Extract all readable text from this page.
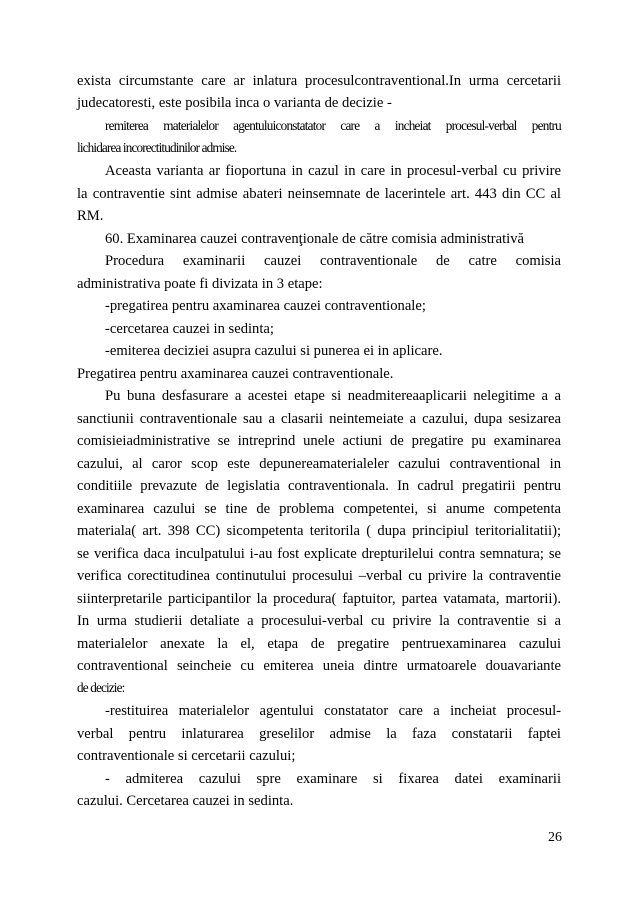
exista circumstante care ar inlatura procesulcontraventional.In urma cercetarii
judecatoresti, este posibila inca o varianta de decizie -
remiterea materialelor agentuluiconstatator care a incheiat procesul-verbal pentru
lichidarea incorectitudinilor admise.
Aceasta varianta ar fioportuna in cazul in care in procesul-verbal cu privire
la contraventie sint admise abateri neinsemnate de lacerintele art. 443 din CC al
RM.
60. Examinarea cauzei contravenţionale de către comisia administrativă
Procedura examinarii cauzei contraventionale de catre comisia
administrativa poate fi divizata in 3 etape:
-pregatirea pentru axaminarea cauzei contraventionale;
-cercetarea cauzei in sedinta;
-emiterea deciziei asupra cazului si punerea ei in aplicare.
Pregatirea pentru axaminarea cauzei contraventionale.
Pu buna desfasurare a acestei etape si neadmitereaaplicarii nelegitime a a
sanctiunii contraventionale sau a clasarii neintemeiate a cazului, dupa sesizarea
comisieiadministrative se intreprind unele actiuni de pregatire pu examinarea
cazului, al caror scop este depunereamaterialeler cazului contraventional in
conditiile prevazute de legislatia contraventionala. In cadrul pregatirii pentru
examinarea cazului se tine de problema competentei, si anume competenta
materiala( art. 398 CC) sicompetenta teritorila ( dupa principiul teritorialitatii);
se verifica daca inculpatului i-au fost explicate drepturilelui contra semnatura; se
verifica corectitudinea continutului procesului –verbal cu privire la contraventie
siinterpretarile participantilor la procedura( faptuitor, partea vatamata, martorii).
In urma studierii detaliate a procesului-verbal cu privire la contraventie si a
materialelor anexate la el, etapa de pregatire pentruexaminarea cazului
contraventional seincheie cu emiterea uneia dintre urmatoarele douavariante
de decizie:
-restituirea materialelor agentului constatator care a incheiat procesul-
verbal pentru inlaturarea greselilor admise la faza constatarii faptei
contraventionale si cercetarii cazului;
- admiterea cazului spre examinare si fixarea datei examinarii
cazului. Cercetarea cauzei in sedinta.
26
